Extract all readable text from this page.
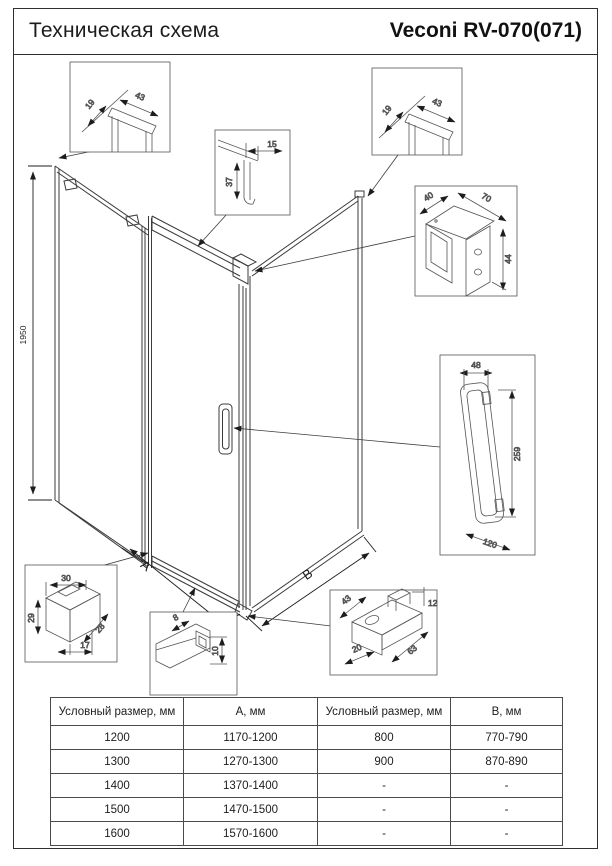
Техническая схема	Veconi RV-070(071)
1950
A
B
19
43
19
43
15
37
40	70
44
48
259
120
30
29
28
17
8
10
43	12
63
20
Условный размер, мм	А, мм	Условный размер, мм	В, мм
1200	1170-1200	800	770-790
1300	1270-1300	900	870-890
1400	1370-1400	-	-
1500	1470-1500	-	-
1600	1570-1600	-	-
